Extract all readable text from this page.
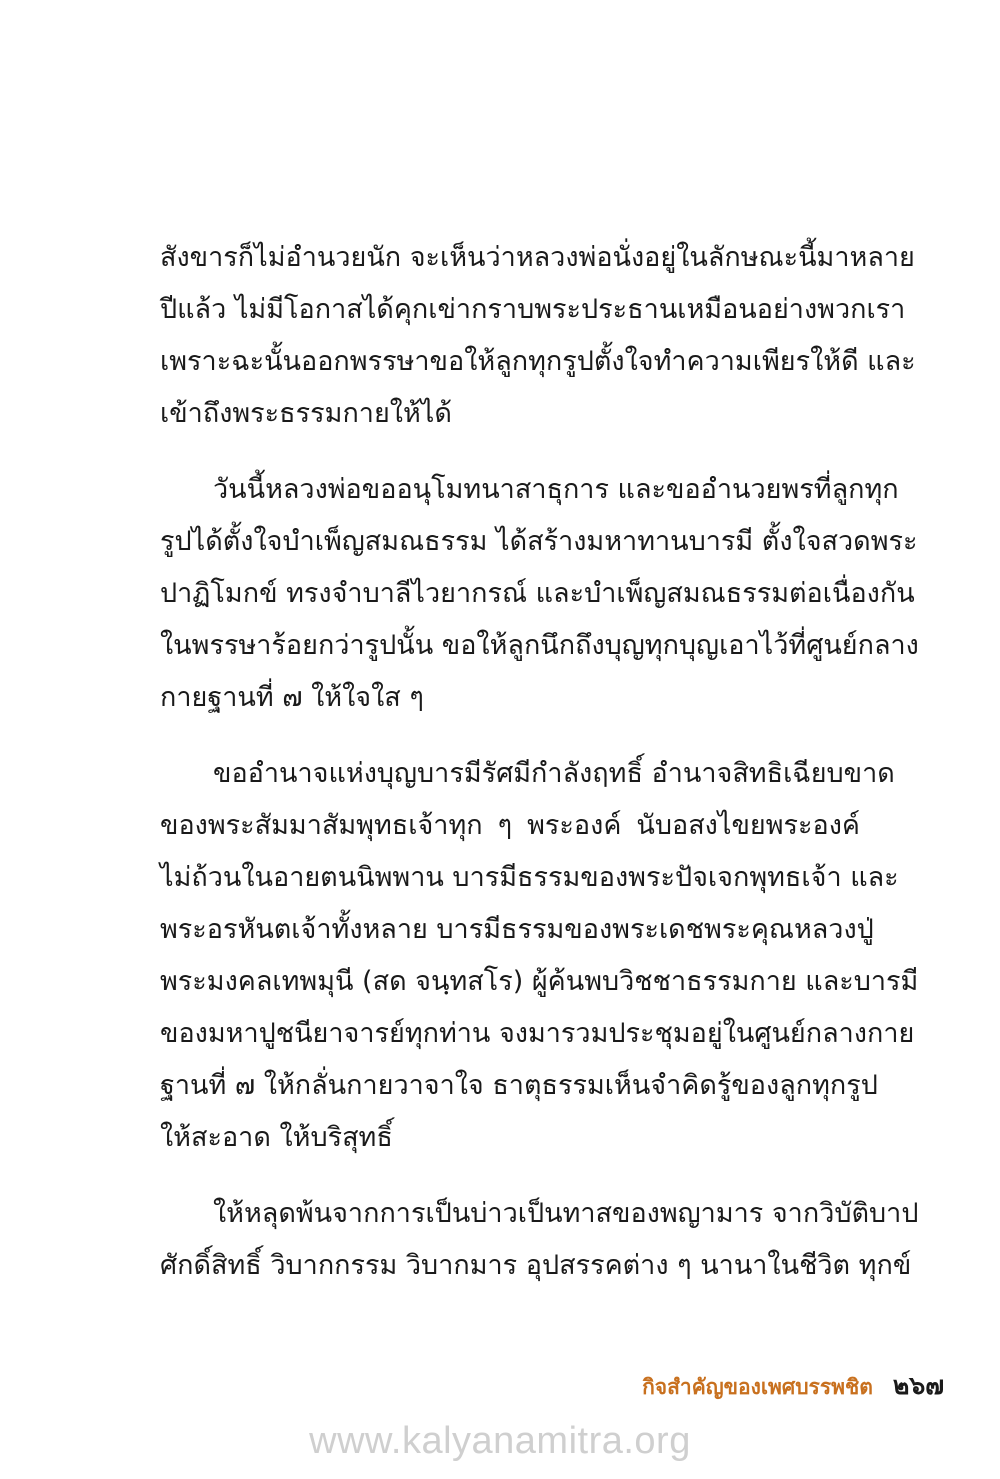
สังขารก็ไม่อำนวยนัก จะเห็นว่าหลวงพ่อนั่งอยู่ในลักษณะนี้มาหลาย
ปีแล้ว ไม่มีโอกาสได้คุกเข่ากราบพระประธานเหมือนอย่างพวกเรา
เพราะฉะนั้นออกพรรษาขอให้ลูกทุกรูปตั้งใจทำความเพียรให้ดี และ
เข้าถึงพระธรรมกายให้ได้

วันนี้หลวงพ่อขออนุโมทนาสาธุการ และขออำนวยพรที่ลูกทุก
รูปได้ตั้งใจบำเพ็ญสมณธรรม ได้สร้างมหาทานบารมี ตั้งใจสวดพระ
ปาฏิโมกข์ ทรงจำบาลีไวยากรณ์ และบำเพ็ญสมณธรรมต่อเนื่องกัน
ในพรรษาร้อยกว่ารูปนั้น ขอให้ลูกนึกถึงบุญทุกบุญเอาไว้ที่ศูนย์กลาง
กายฐานที่ ๗ ให้ใจใส ๆ

ขออำนาจแห่งบุญบารมีรัศมีกำลังฤทธิ์ อำนาจสิทธิเฉียบขาด
ของพระสัมมาสัมพุทธเจ้าทุก ๆ พระองค์ นับอสงไขยพระองค์
ไม่ถ้วนในอายตนนิพพาน บารมีธรรมของพระปัจเจกพุทธเจ้า และ
พระอรหันตเจ้าทั้งหลาย บารมีธรรมของพระเดชพระคุณหลวงปู่
พระมงคลเทพมุนี (สด จนฺทสโร) ผู้ค้นพบวิชชาธรรมกาย และบารมี
ของมหาปูชนียาจารย์ทุกท่าน จงมารวมประชุมอยู่ในศูนย์กลางกาย
ฐานที่ ๗ ให้กลั่นกายวาจาใจ ธาตุธรรมเห็นจำคิดรู้ของลูกทุกรูป
ให้สะอาด ให้บริสุทธิ์

ให้หลุดพ้นจากการเป็นบ่าวเป็นทาสของพญามาร จากวิบัติบาป
ศักดิ์สิทธิ์ วิบากกรรม วิบากมาร อุปสรรคต่าง ๆ นานาในชีวิต ทุกข์

กิจสำคัญของเพศบรรพชิต ๒๖๗
www.kalyanamitra.org
